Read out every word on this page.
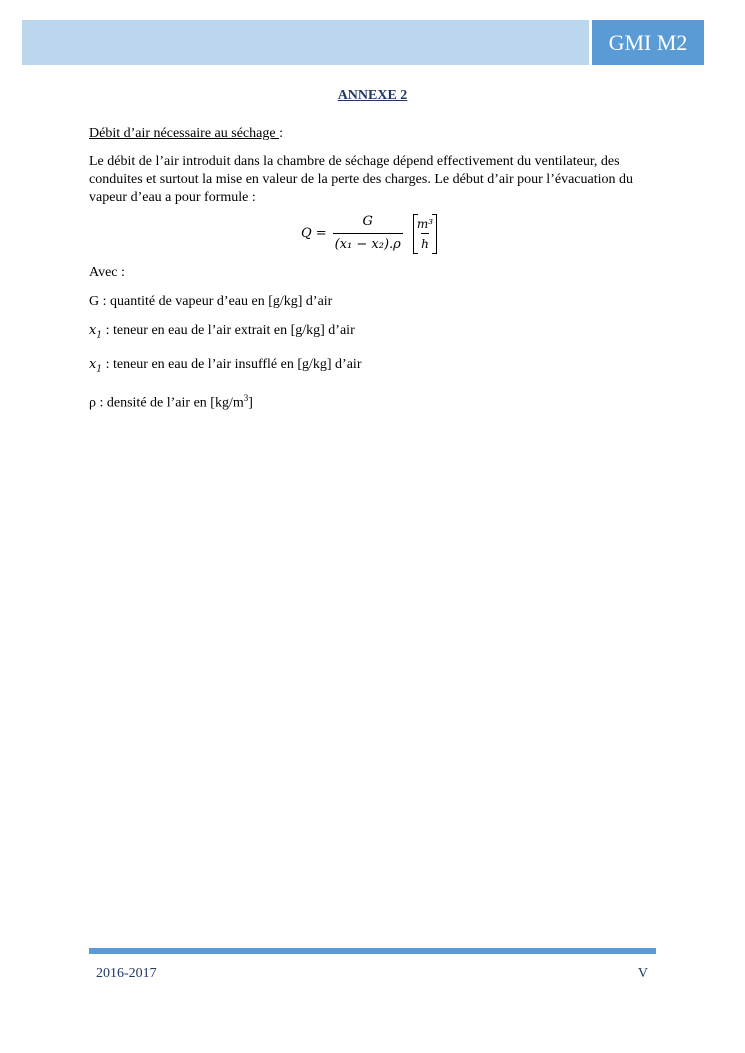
GMI M2
ANNEXE 2

Débit d’air nécessaire au séchage :

Le débit de l’air introduit dans la chambre de séchage dépend effectivement du ventilateur, des conduites et surtout la mise en valeur de la perte des charges. Le début d’air pour l’évacuation du vapeur d’eau a pour formule :

$Q = \frac{G}{\text{(x₁ − x₂).ρ}} \frac{\text{m³}}{h}$

Avec :

G : quantité de vapeur d’eau en [g/kg] d’air

$x_1$ : teneur en eau de l’air extrait en [g/kg] d’air

$x_1$ : teneur en eau de l’air insufflé en [g/kg] d’air

ρ : densité de l’air en $[kg/m^3]$

2016-2017	V
